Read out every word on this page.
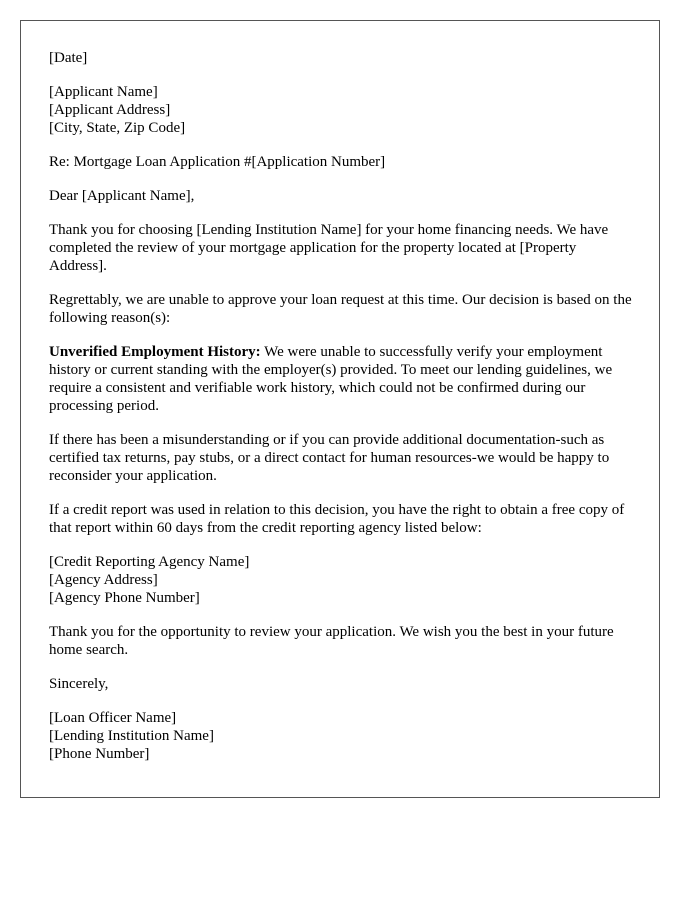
[Date]
[Applicant Name]
[Applicant Address]
[City, State, Zip Code]
Re: Mortgage Loan Application #[Application Number]
Dear [Applicant Name],

Thank you for choosing [Lending Institution Name] for your home financing needs. We have completed the review of your mortgage application for the property located at [Property Address].

Regrettably, we are unable to approve your loan request at this time. Our decision is based on the following reason(s):

Unverified Employment History: We were unable to successfully verify your employment history or current standing with the employer(s) provided. To meet our lending guidelines, we require a consistent and verifiable work history, which could not be confirmed during our processing period.

If there has been a misunderstanding or if you can provide additional documentation-such as certified tax returns, pay stubs, or a direct contact for human resources-we would be happy to reconsider your application.

If a credit report was used in relation to this decision, you have the right to obtain a free copy of that report within 60 days from the credit reporting agency listed below:

[Credit Reporting Agency Name]
[Agency Address]
[Agency Phone Number]

Thank you for the opportunity to review your application. We wish you the best in your future home search.

Sincerely,
[Loan Officer Name]
[Lending Institution Name]
[Phone Number]
